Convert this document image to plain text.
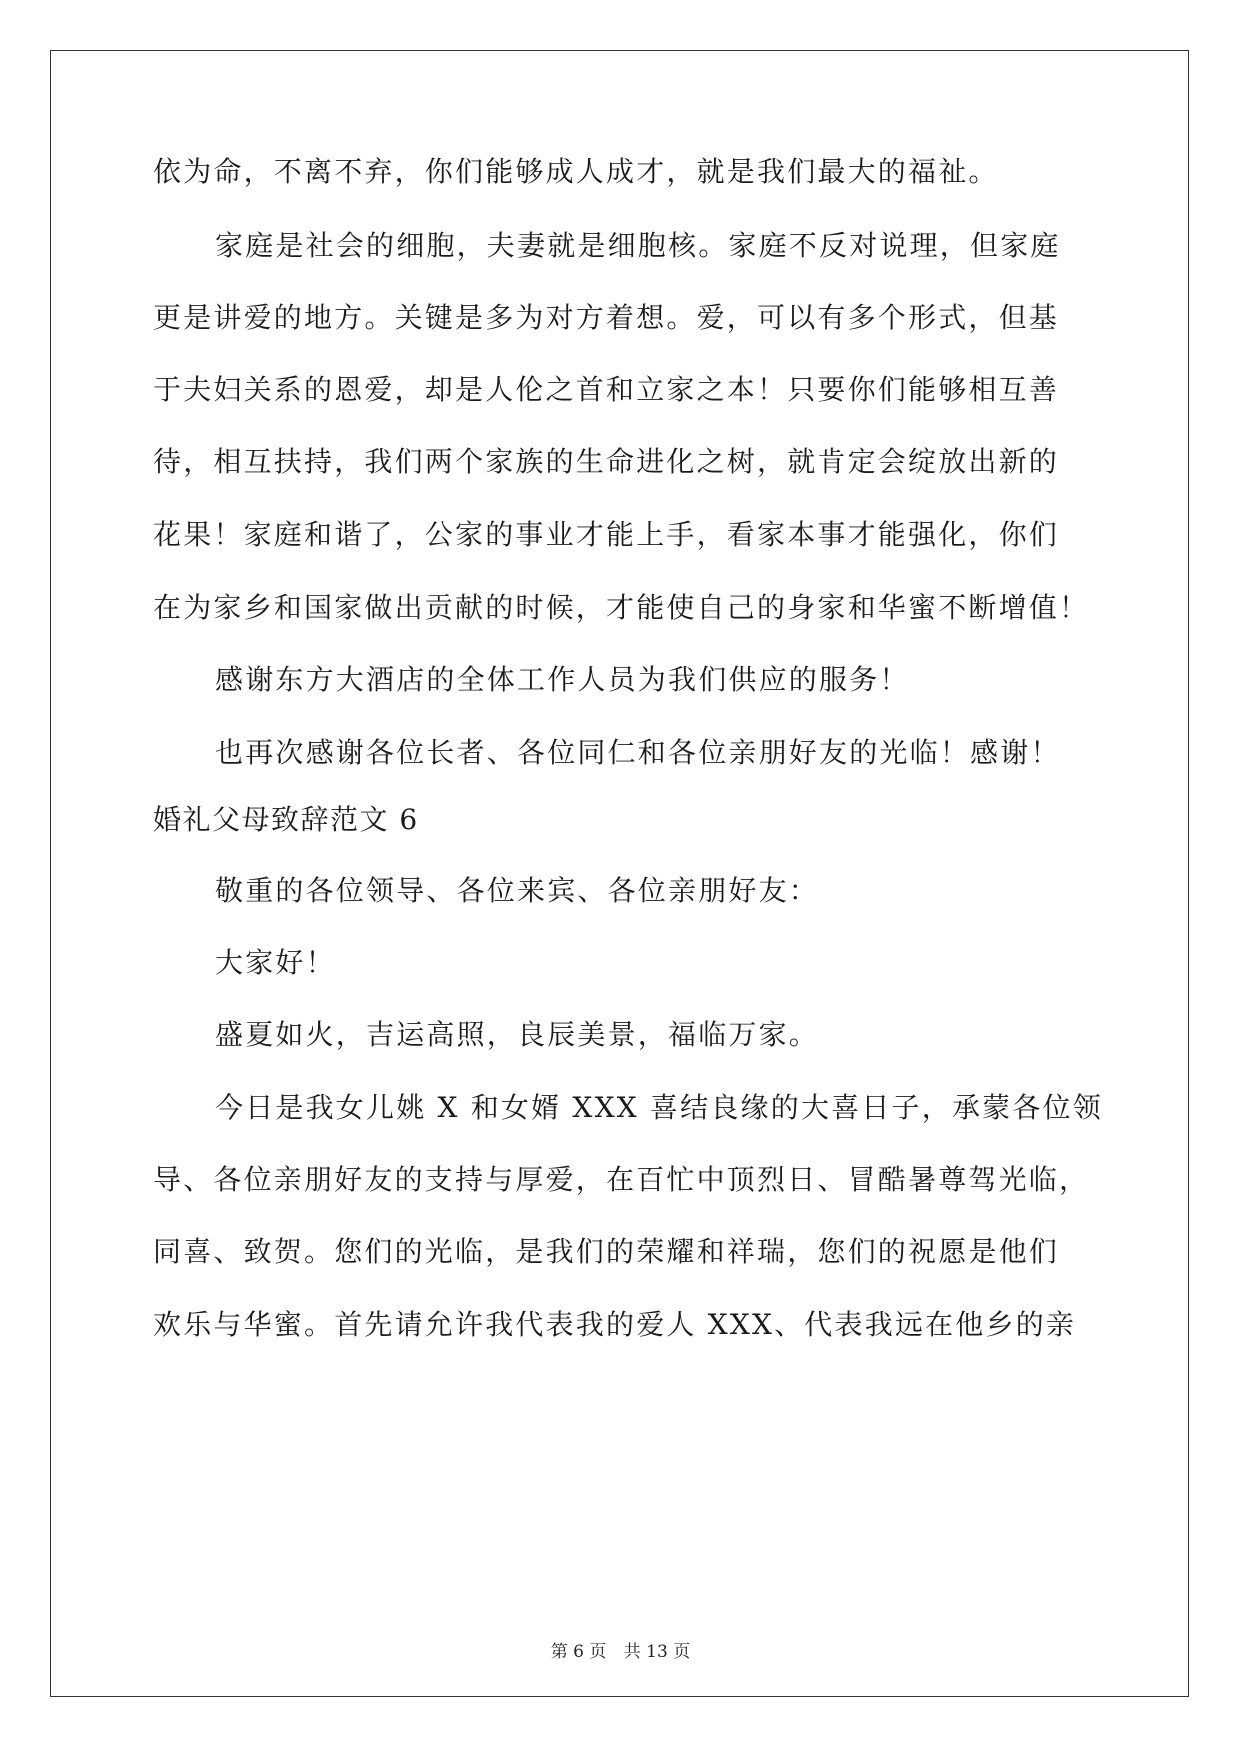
依为命，不离不弃，你们能够成人成才，就是我们最大的福祉。
家庭是社会的细胞，夫妻就是细胞核。家庭不反对说理，但家庭
更是讲爱的地方。关键是多为对方着想。爱，可以有多个形式，但基
于夫妇关系的恩爱，却是人伦之首和立家之本！只要你们能够相互善
待，相互扶持，我们两个家族的生命进化之树，就肯定会绽放出新的
花果！家庭和谐了，公家的事业才能上手，看家本事才能强化，你们
在为家乡和国家做出贡献的时候，才能使自己的身家和华蜜不断增值！
感谢东方大酒店的全体工作人员为我们供应的服务！
也再次感谢各位长者、各位同仁和各位亲朋好友的光临！感谢！
婚礼父母致辞范文 6
敬重的各位领导、各位来宾、各位亲朋好友：
大家好！
盛夏如火，吉运高照，良辰美景，福临万家。
今日是我女儿姚 X 和女婿 XXX 喜结良缘的大喜日子，承蒙各位领
导、各位亲朋好友的支持与厚爱，在百忙中顶烈日、冒酷暑尊驾光临，
同喜、致贺。您们的光临，是我们的荣耀和祥瑞，您们的祝愿是他们
欢乐与华蜜。首先请允许我代表我的爱人 XXX、代表我远在他乡的亲
第 6 页 共 13 页
